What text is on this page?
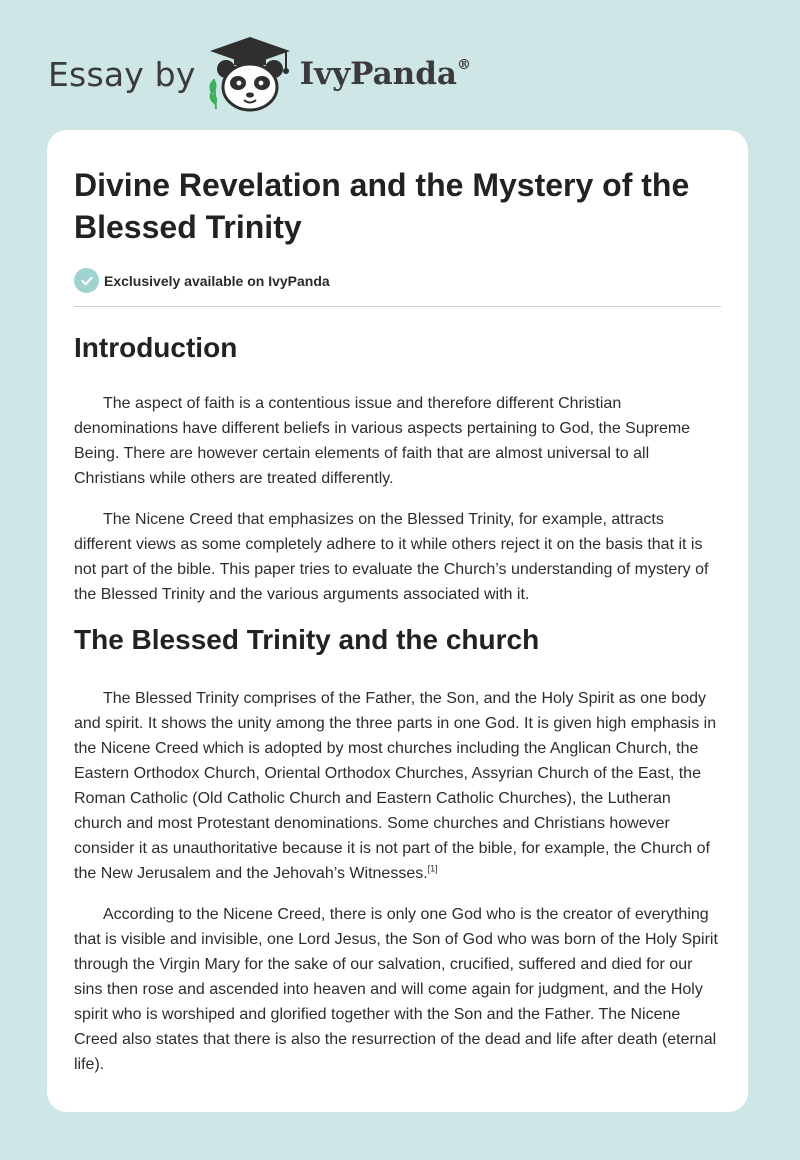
Essay by	IvyPanda®
Divine Revelation and the Mystery of the Blessed Trinity
Exclusively available on IvyPanda
Introduction

The aspect of faith is a contentious issue and therefore different Christian denominations have different beliefs in various aspects pertaining to God, the Supreme Being. There are however certain elements of faith that are almost universal to all Christians while others are treated differently.

The Nicene Creed that emphasizes on the Blessed Trinity, for example, attracts different views as some completely adhere to it while others reject it on the basis that it is not part of the bible. This paper tries to evaluate the Church’s understanding of mystery of the Blessed Trinity and the various arguments associated with it.

The Blessed Trinity and the church

The Blessed Trinity comprises of the Father, the Son, and the Holy Spirit as one body and spirit. It shows the unity among the three parts in one God. It is given high emphasis in the Nicene Creed which is adopted by most churches including the Anglican Church, the Eastern Orthodox Church, Oriental Orthodox Churches, Assyrian Church of the East, the Roman Catholic (Old Catholic Church and Eastern Catholic Churches), the Lutheran church and most Protestant denominations. Some churches and Christians however consider it as unauthoritative because it is not part of the bible, for example, the Church of the New Jerusalem and the Jehovah’s Witnesses.[1]

According to the Nicene Creed, there is only one God who is the creator of everything that is visible and invisible, one Lord Jesus, the Son of God who was born of the Holy Spirit through the Virgin Mary for the sake of our salvation, crucified, suffered and died for our sins then rose and ascended into heaven and will come again for judgment, and the Holy spirit who is worshiped and glorified together with the Son and the Father. The Nicene Creed also states that there is also the resurrection of the dead and life after death (eternal life).
